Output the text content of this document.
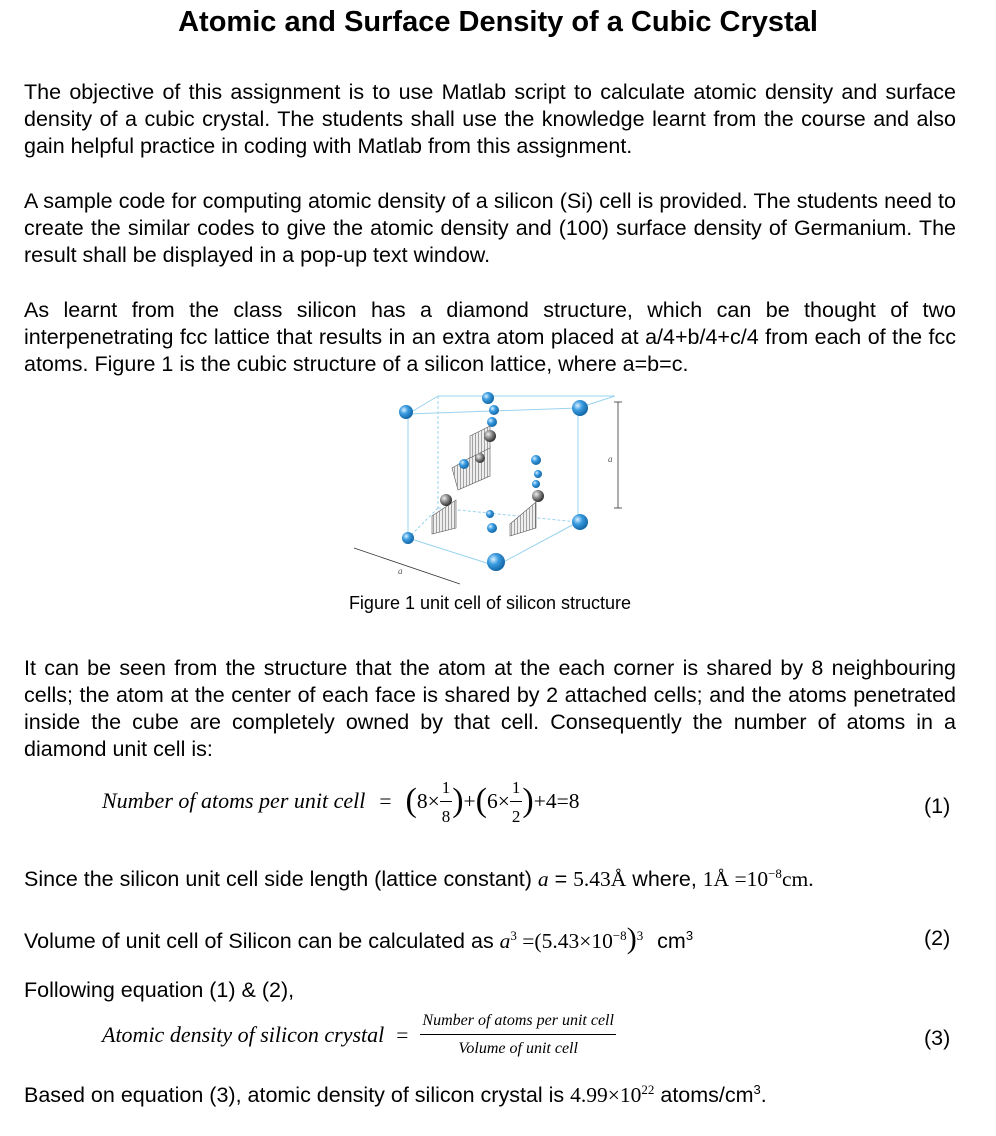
Atomic and Surface Density of a Cubic Crystal
The objective of this assignment is to use Matlab script to calculate atomic density and surface density of a cubic crystal. The students shall use the knowledge learnt from the course and also gain helpful practice in coding with Matlab from this assignment.
A sample code for computing atomic density of a silicon (Si) cell is provided. The students need to create the similar codes to give the atomic density and (100) surface density of Germanium. The result shall be displayed in a pop-up text window.
As learnt from the class silicon has a diamond structure, which can be thought of two interpenetrating fcc lattice that results in an extra atom placed at a/4+b/4+c/4 from each of the fcc atoms. Figure 1 is the cubic structure of a silicon lattice, where a=b=c.
a
a
Figure 1 unit cell of silicon structure
It can be seen from the structure that the atom at the each corner is shared by 8 neighbouring cells; the atom at the center of each face is shared by 2 attached cells; and the atoms penetrated inside the cube are completely owned by that cell. Consequently the number of atoms in a diamond unit cell is:
Number of atoms per unit cell = $(8\times \frac{1}{8} )+(6\times \frac{1}{2} )+4=8$	(1)
Since the silicon unit cell side length (lattice constant) a = 5.43Å where, 1Å $=10^{-8}cm$.
Volume of unit cell of Silicon can be calculated as $a^3 =(5.43\times 10^{-8})^3$ $cm^3$	(2)
Following equation (1) & (2),
Atomic density of silicon crystal = $\frac{\text{Number of atoms per unit cell}}{\text{Volume of unit cell}}$	(3)
Based on equation (3), atomic density of silicon crystal is $4.99\times 10^{22}$ atoms/$cm^3$.
